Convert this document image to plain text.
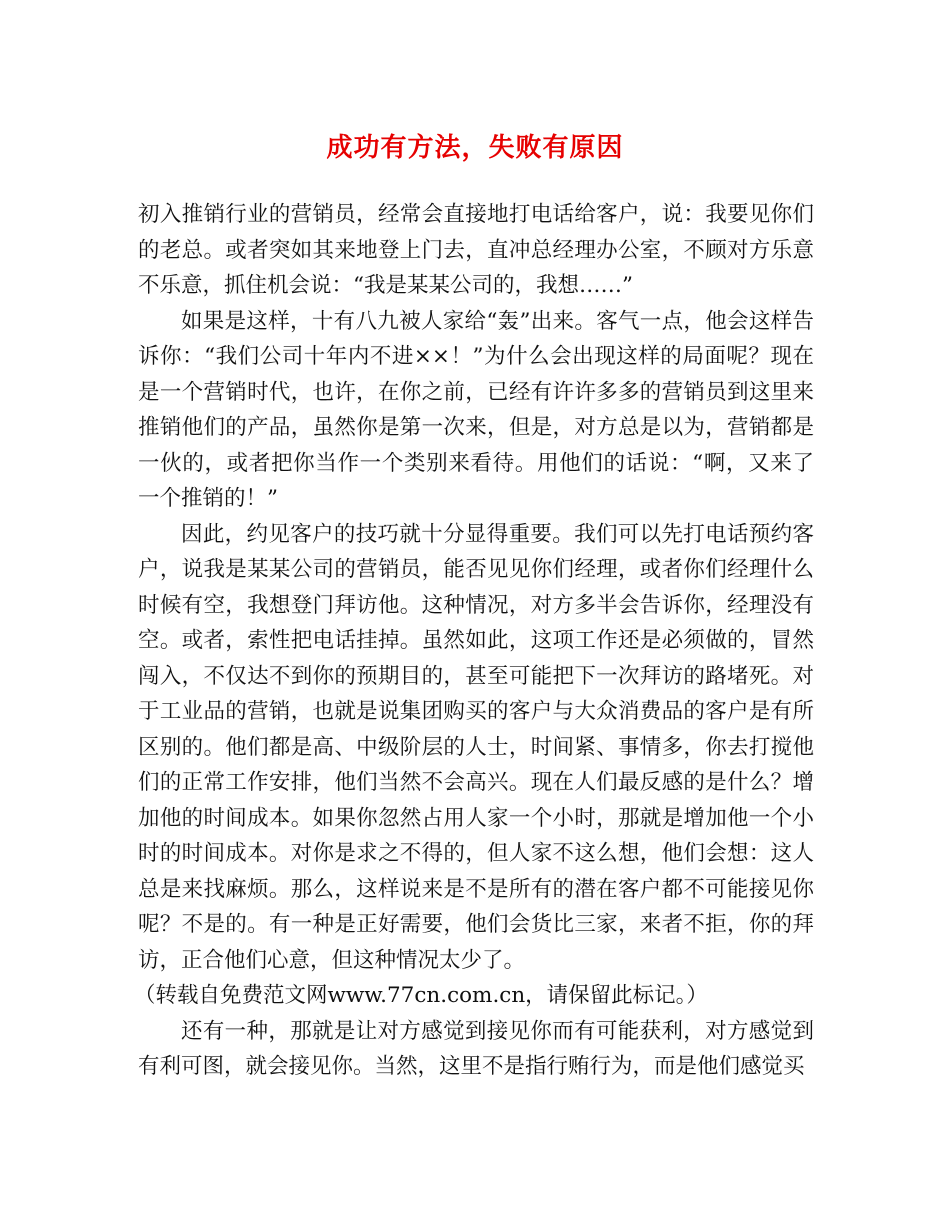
成功有方法，失败有原因

初入推销行业的营销员，经常会直接地打电话给客户，说：我要见你们的老总。或者突如其来地登上门去，直冲总经理办公室，不顾对方乐意不乐意，抓住机会说：“我是某某公司的，我想……”

如果是这样，十有八九被人家给“轰”出来。客气一点，他会这样告诉你：“我们公司十年内不进××！”为什么会出现这样的局面呢？现在是一个营销时代，也许，在你之前，已经有许许多多的营销员到这里来推销他们的产品，虽然你是第一次来，但是，对方总是以为，营销都是一伙的，或者把你当作一个类别来看待。用他们的话说：“啊，又来了一个推销的！”

因此，约见客户的技巧就十分显得重要。我们可以先打电话预约客户，说我是某某公司的营销员，能否见见你们经理，或者你们经理什么时候有空，我想登门拜访他。这种情况，对方多半会告诉你，经理没有空。或者，索性把电话挂掉。虽然如此，这项工作还是必须做的，冒然闯入，不仅达不到你的预期目的，甚至可能把下一次拜访的路堵死。对于工业品的营销，也就是说集团购买的客户与大众消费品的客户是有所区别的。他们都是高、中级阶层的人士，时间紧、事情多，你去打搅他们的正常工作安排，他们当然不会高兴。现在人们最反感的是什么？增加他的时间成本。如果你忽然占用人家一个小时，那就是增加他一个小时的时间成本。对你是求之不得的，但人家不这么想，他们会想：这人总是来找麻烦。那么，这样说来是不是所有的潜在客户都不可能接见你呢？不是的。有一种是正好需要，他们会货比三家，来者不拒，你的拜访，正合他们心意，但这种情况太少了。

（转载自免费范文网www.77cn.com.cn，请保留此标记。）

还有一种，那就是让对方感觉到接见你而有可能获利，对方感觉到有利可图，就会接见你。当然，这里不是指行贿行为，而是他们感觉买
